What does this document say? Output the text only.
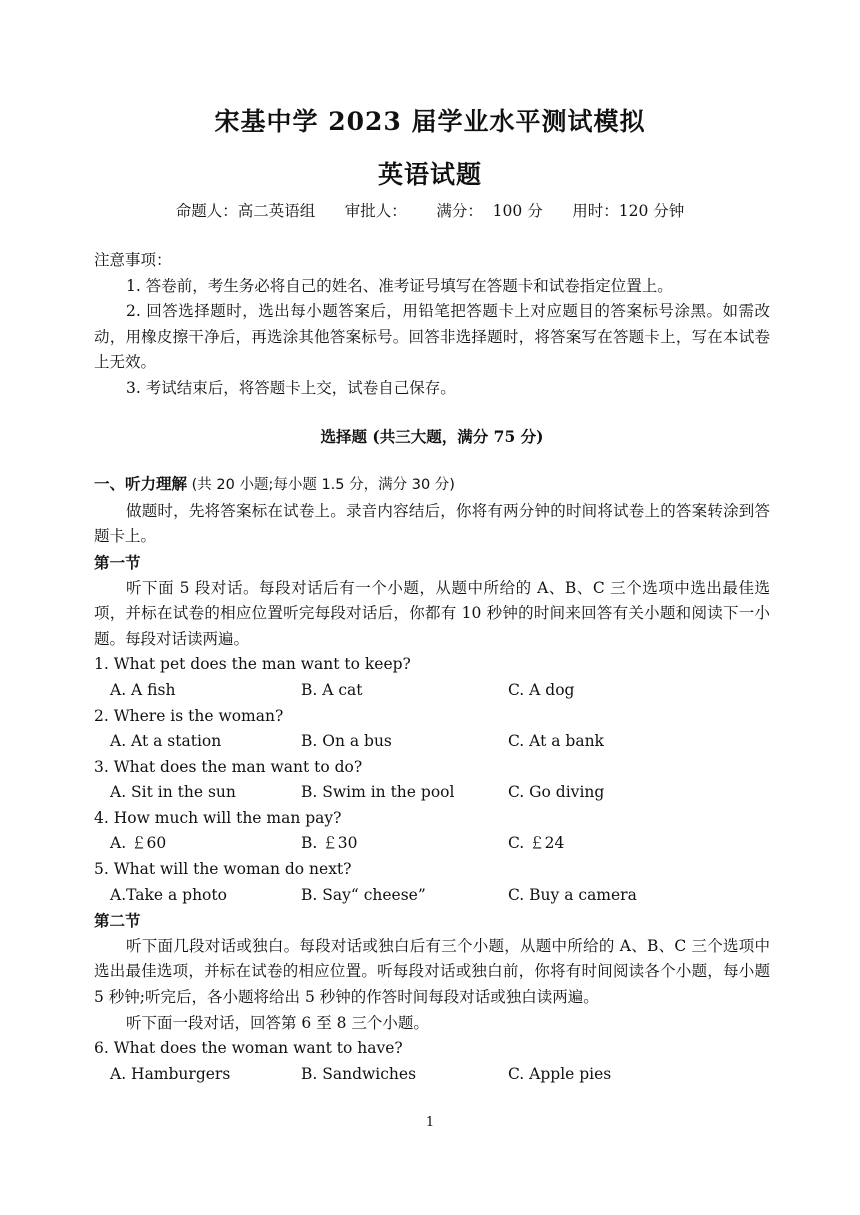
宋基中学 2023 届学业水平测试模拟
英语试题
命题人：高二英语组      审批人：      满分：  100 分      用时：120 分钟

注意事项：

1. 答卷前，考生务必将自己的姓名、准考证号填写在答题卡和试卷指定位置上。

2. 回答选择题时，选出每小题答案后，用铅笔把答题卡上对应题目的答案标号涂黑。如需改动，用橡皮擦干净后，再选涂其他答案标号。回答非选择题时，将答案写在答题卡上，写在本试卷上无效。

3. 考试结束后，将答题卡上交，试卷自己保存。

选择题 (共三大题，满分 75 分)

一、听力理解 (共 20 小题;每小题 1.5 分，满分 30 分)

做题时，先将答案标在试卷上。录音内容结后，你将有两分钟的时间将试卷上的答案转涂到答题卡上。

第一节

听下面 5 段对话。每段对话后有一个小题，从题中所给的 A、B、C 三个选项中选出最佳选项，并标在试卷的相应位置听完每段对话后，你都有 10 秒钟的时间来回答有关小题和阅读下一小题。每段对话读两遍。

1. What pet does the man want to keep?

A. A fish	B. A cat	C. A dog

2. Where is the woman?

A. At a station	B. On a bus	C. At a bank

3. What does the man want to do?

A. Sit in the sun	B. Swim in the pool	C. Go diving

4. How much will the man pay?

A. ￡60	B. ￡30	C. ￡24

5. What will the woman do next?

A.Take a photo	B. Say“ cheese”	C. Buy a camera

第二节

听下面几段对话或独白。每段对话或独白后有三个小题，从题中所给的 A、B、C 三个选项中选出最佳选项，并标在试卷的相应位置。听每段对话或独白前，你将有时间阅读各个小题，每小题 5 秒钟;听完后，各小题将给出 5 秒钟的作答时间每段对话或独白读两遍。

听下面一段对话，回答第 6 至 8 三个小题。

6. What does the woman want to have?

A. Hamburgers	B. Sandwiches	C. Apple pies
1
